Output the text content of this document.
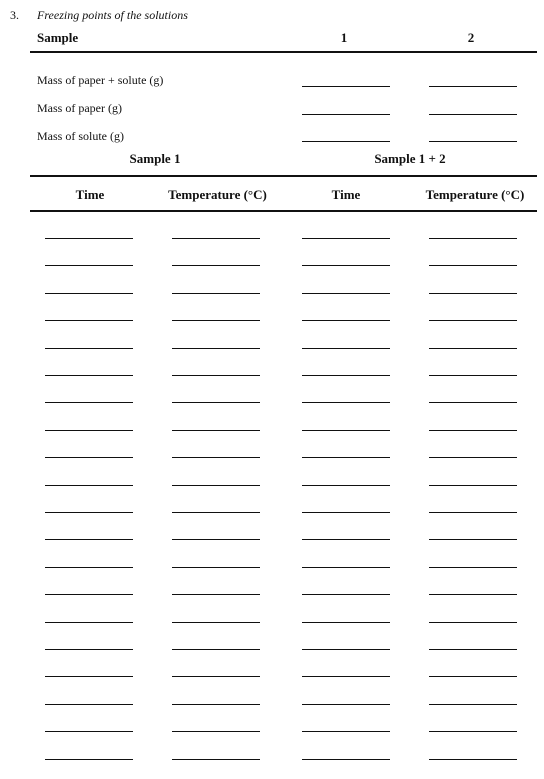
3. Freezing points of the solutions
Sample	1	2
Mass of paper + solute (g)
Mass of paper (g)
Mass of solute (g)
Sample 1	Sample 1 + 2
Time	Temperature (°C)	Time	Temperature (°C)
